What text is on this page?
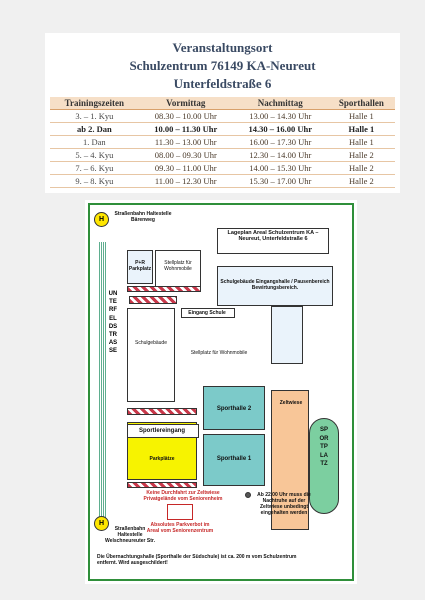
Veranstaltungsort
Schulzentrum 76149 KA-Neureut
Unterfeldstraße 6
Trainingszeiten	Vormittag	Nachmittag	Sporthallen
3. – 1. Kyu	08.30 – 10.00 Uhr	13.00 – 14.30 Uhr	Halle 1
ab 2. Dan	10.00 – 11.30 Uhr	14.30 – 16.00 Uhr	Halle 1
1. Dan	11.30 – 13.00 Uhr	16.00 – 17.30 Uhr	Halle 1
5. – 4. Kyu	08.00 – 09.30 Uhr	12.30 – 14.00 Uhr	Halle 2
7. – 6. Kyu	09.30 – 11.00 Uhr	14.00 – 15.30 Uhr	Halle 2
9. – 8. Kyu	11.00 – 12.30 Uhr	15.30 – 17.00 Uhr	Halle 2
H
Straßenbahn Haltestelle Bärenweg
Lageplan Areal Schulzentrum KA – Neureut, Unterfeldstraße 6
UNTERFELDSTRASSE
P+R Parkplatz
Stellplatz für Wohnmobile
Schulgebäude Eingangshalle / Pausenbereich Bewirtungsbereich.
Eingang Schule
Schulgebäude
Stellplatz für Wohnmobile
Sporthalle 2
Sporthalle 1
Sportlereingang
Parkplätze
Zeltwiese
SPORTPLATZ
Keine Durchfahrt zur Zeltwiese Privatgelände vom Seniorenheim
Absolutes Parkverbot im Areal vom Seniorenzentrum
Ab 22.00 Uhr muss die Nachtruhe auf der Zeltwiese unbedingt eingehalten werden
H
Straßenbahn Haltestelle Welschneureuter Str.
Die Übernachtungshalle (Sporthalle der Südschule) ist ca. 200 m vom Schulzentrum entfernt. Wird ausgeschildert!
